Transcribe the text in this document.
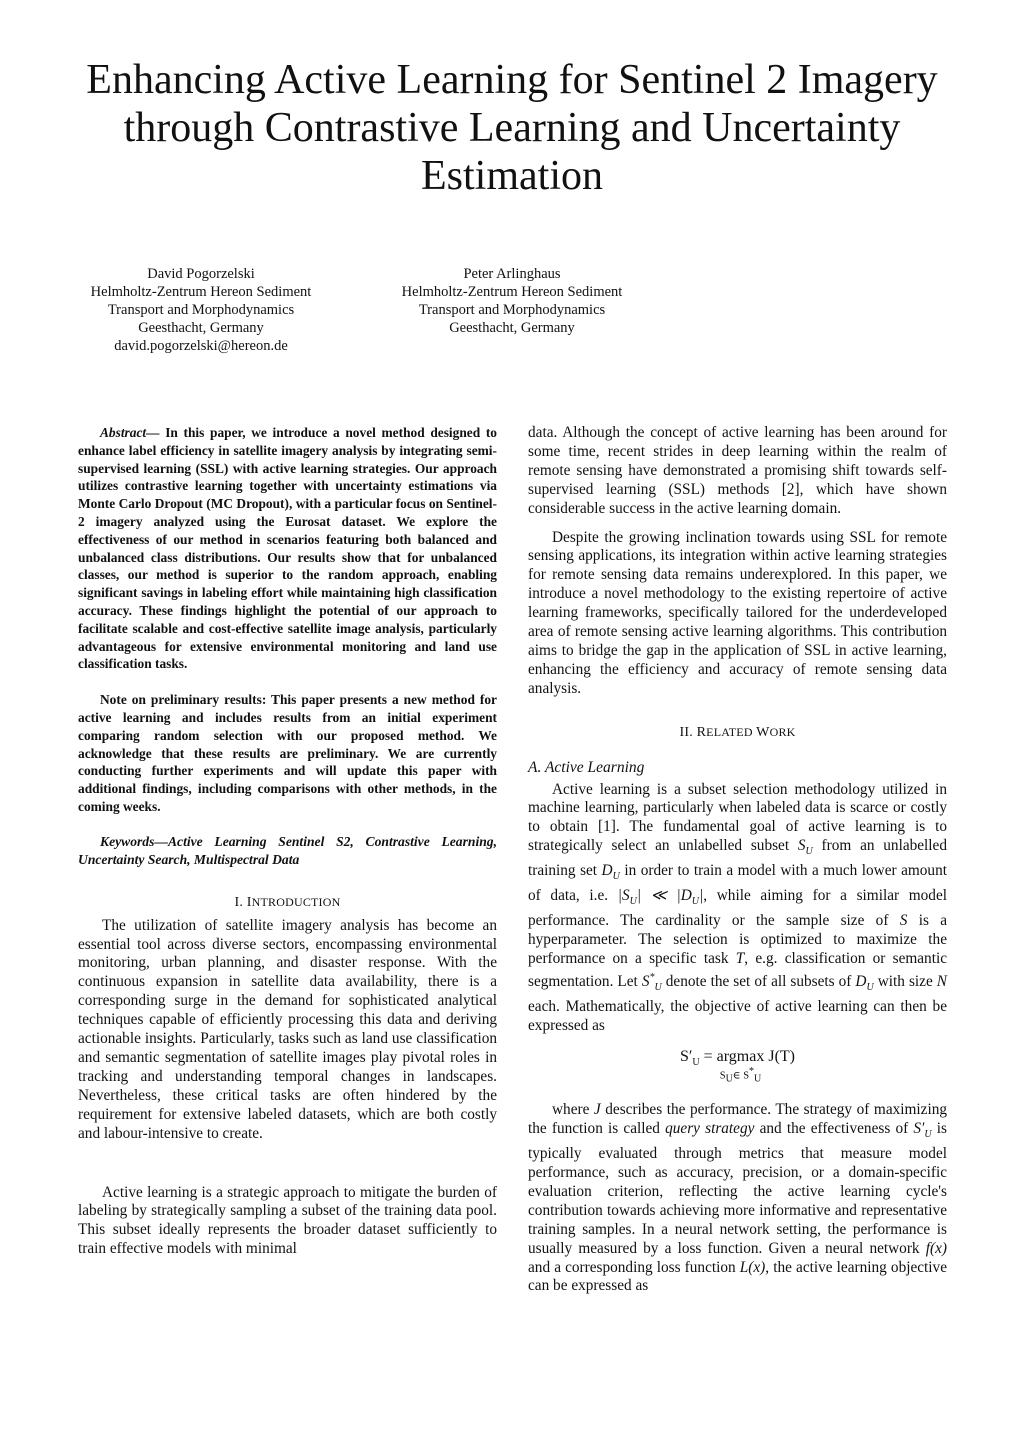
Enhancing Active Learning for Sentinel 2 Imagery through Contrastive Learning and Uncertainty Estimation
David Pogorzelski
Helmholtz-Zentrum Hereon Sediment
Transport and Morphodynamics
Geesthacht, Germany
david.pogorzelski@hereon.de
Peter Arlinghaus
Helmholtz-Zentrum Hereon Sediment
Transport and Morphodynamics
Geesthacht, Germany

Abstract— In this paper, we introduce a novel method designed to enhance label efficiency in satellite imagery analysis by integrating semi-supervised learning (SSL) with active learning strategies. Our approach utilizes contrastive learning together with uncertainty estimations via Monte Carlo Dropout (MC Dropout), with a particular focus on Sentinel-2 imagery analyzed using the Eurosat dataset. We explore the effectiveness of our method in scenarios featuring both balanced and unbalanced class distributions. Our results show that for unbalanced classes, our method is superior to the random approach, enabling significant savings in labeling effort while maintaining high classification accuracy. These findings highlight the potential of our approach to facilitate scalable and cost-effective satellite image analysis, particularly advantageous for extensive environmental monitoring and land use classification tasks.

Note on preliminary results: This paper presents a new method for active learning and includes results from an initial experiment comparing random selection with our proposed method. We acknowledge that these results are preliminary. We are currently conducting further experiments and will update this paper with additional findings, including comparisons with other methods, in the coming weeks.

Keywords—Active Learning Sentinel S2, Contrastive Learning, Uncertainty Search, Multispectral Data

I. INTRODUCTION

The utilization of satellite imagery analysis has become an essential tool across diverse sectors, encompassing environmental monitoring, urban planning, and disaster response. With the continuous expansion in satellite data availability, there is a corresponding surge in the demand for sophisticated analytical techniques capable of efficiently processing this data and deriving actionable insights. Particularly, tasks such as land use classification and semantic segmentation of satellite images play pivotal roles in tracking and understanding temporal changes in landscapes. Nevertheless, these critical tasks are often hindered by the requirement for extensive labeled datasets, which are both costly and labour-intensive to create.

Active learning is a strategic approach to mitigate the burden of labeling by strategically sampling a subset of the training data pool. This subset ideally represents the broader dataset sufficiently to train effective models with minimal

data. Although the concept of active learning has been around for some time, recent strides in deep learning within the realm of remote sensing have demonstrated a promising shift towards self-supervised learning (SSL) methods [2], which have shown considerable success in the active learning domain.

Despite the growing inclination towards using SSL for remote sensing applications, its integration within active learning strategies for remote sensing data remains underexplored. In this paper, we introduce a novel methodology to the existing repertoire of active learning frameworks, specifically tailored for the underdeveloped area of remote sensing active learning algorithms. This contribution aims to bridge the gap in the application of SSL in active learning, enhancing the efficiency and accuracy of remote sensing data analysis.

II. RELATED WORK
A. Active Learning

Active learning is a subset selection methodology utilized in machine learning, particularly when labeled data is scarce or costly to obtain [1]. The fundamental goal of active learning is to strategically select an unlabelled subset $S_U$ from an unlabelled training set $D_U$ in order to train a model with a much lower amount of data, i.e. $|S_U|$ ≪ $|D_U|$, while aiming for a similar model performance. The cardinality or the sample size of S is a hyperparameter. The selection is optimized to maximize the performance on a specific task T, e.g. classification or semantic segmentation. Let $S^*_U$ denote the set of all subsets of $D_U$ with size N each. Mathematically, the objective of active learning can then be expressed as

$S'_U = argmax$
$S_U\in$ $S^*_U$
J(T)

where J describes the performance. The strategy of maximizing the function is called query strategy and the effectiveness of $S'_U$ is typically evaluated through metrics that measure model performance, such as accuracy, precision, or a domain-specific evaluation criterion, reflecting the active learning cycle's contribution towards achieving more informative and representative training samples. In a neural network setting, the performance is usually measured by a loss function. Given a neural network f(x) and a corresponding loss function L(x), the active learning objective can be expressed as
